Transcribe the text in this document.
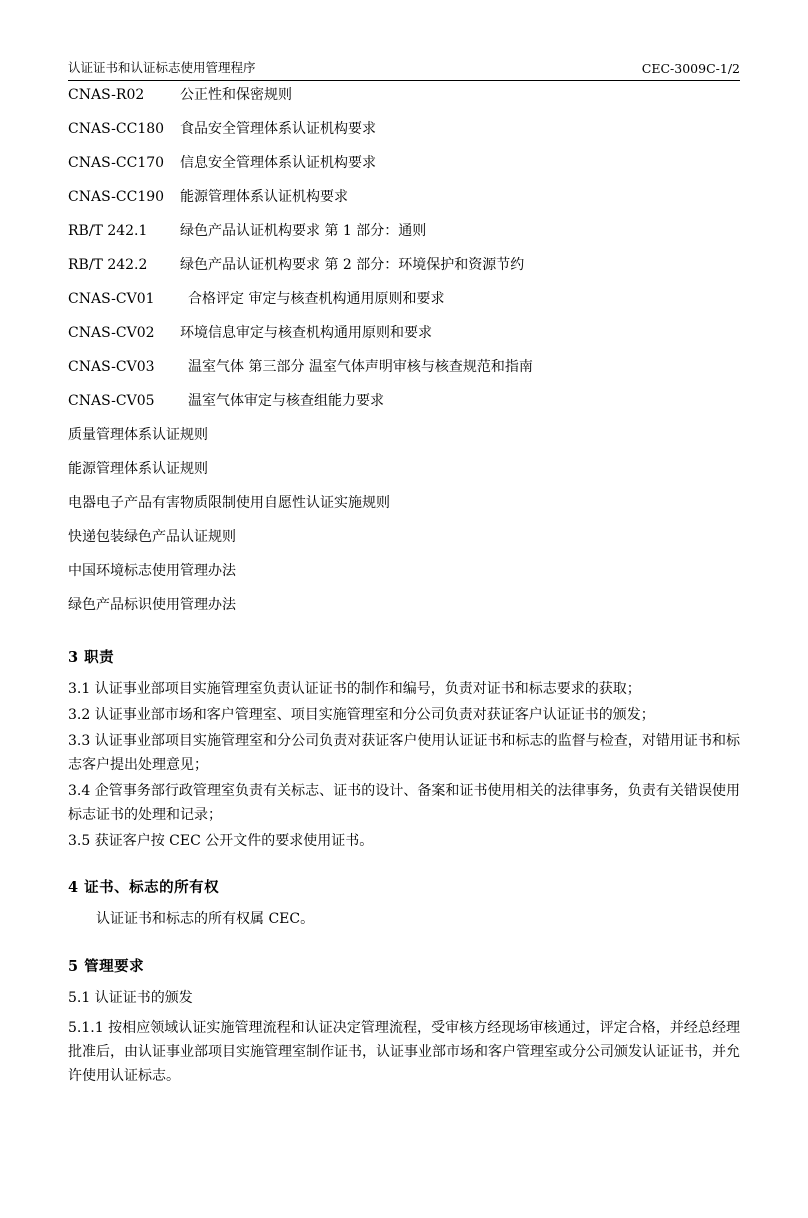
认证证书和认证标志使用管理程序	CEC-3009C-1/2
CNAS-R02	公正性和保密规则
CNAS-CC180	食品安全管理体系认证机构要求
CNAS-CC170	信息安全管理体系认证机构要求
CNAS-CC190	能源管理体系认证机构要求
RB/T 242.1	绿色产品认证机构要求 第 1 部分：通则
RB/T 242.2	绿色产品认证机构要求 第 2 部分：环境保护和资源节约
CNAS-CV01	合格评定 审定与核查机构通用原则和要求
CNAS-CV02	环境信息审定与核查机构通用原则和要求
CNAS-CV03	温室气体 第三部分 温室气体声明审核与核查规范和指南
CNAS-CV05	温室气体审定与核查组能力要求
质量管理体系认证规则
能源管理体系认证规则
电器电子产品有害物质限制使用自愿性认证实施规则
快递包装绿色产品认证规则
中国环境标志使用管理办法
绿色产品标识使用管理办法
3 职责

3.1 认证事业部项目实施管理室负责认证证书的制作和编号，负责对证书和标志要求的获取；

3.2 认证事业部市场和客户管理室、项目实施管理室和分公司负责对获证客户认证证书的颁发；

3.3 认证事业部项目实施管理室和分公司负责对获证客户使用认证证书和标志的监督与检查，对错用证书和标志客户提出处理意见；

3.4 企管事务部行政管理室负责有关标志、证书的设计、备案和证书使用相关的法律事务，负责有关错误使用标志证书的处理和记录；

3.5 获证客户按 CEC 公开文件的要求使用证书。

4 证书、标志的所有权

认证证书和标志的所有权属 CEC。

5 管理要求
5.1 认证证书的颁发

5.1.1 按相应领域认证实施管理流程和认证决定管理流程，受审核方经现场审核通过，评定合格，并经总经理批准后，由认证事业部项目实施管理室制作证书，认证事业部市场和客户管理室或分公司颁发认证证书，并允许使用认证标志。
